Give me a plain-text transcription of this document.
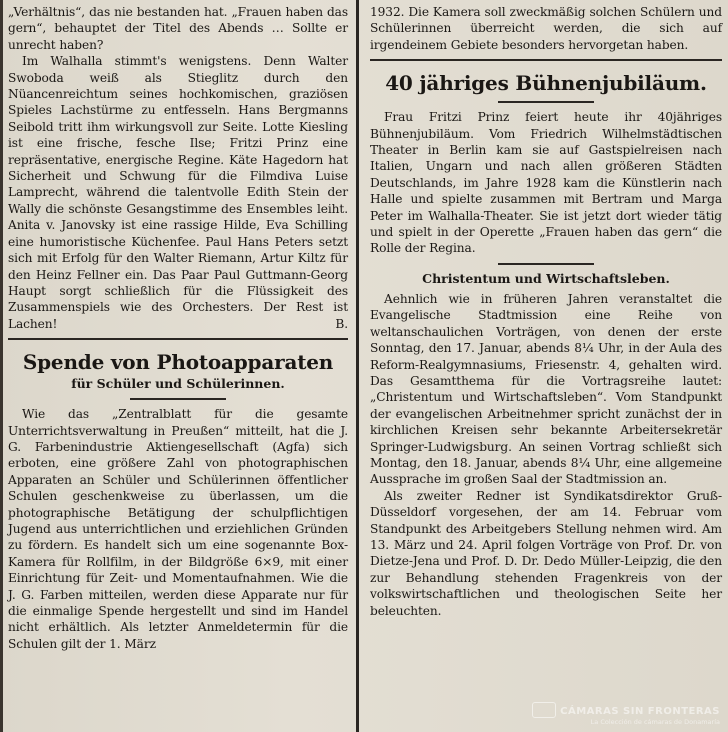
„Verhältnis“, das nie bestanden hat. „Frauen haben das gern“, behauptet der Titel des Abends … Sollte er unrecht haben?

Im Walhalla stimmt's wenigstens. Denn Walter Swoboda weiß als Stieglitz durch den Nüancenreichtum seines hochkomischen, graziösen Spieles Lachstürme zu entfesseln. Hans Bergmanns Seibold tritt ihm wirkungsvoll zur Seite. Lotte Kiesling ist eine frische, fesche Ilse; Fritzi Prinz eine repräsentative, energische Regine. Käte Hagedorn hat Sicherheit und Schwung für die Filmdiva Luise Lamprecht, während die talentvolle Edith Stein der Wally die schönste Gesangstimme des Ensembles leiht. Anita v. Janovsky ist eine rassige Hilde, Eva Schilling eine humoristische Küchenfee. Paul Hans Peters setzt sich mit Erfolg für den Walter Riemann, Artur Kiltz für den Heinz Fellner ein. Das Paar Paul Guttmann-Georg Haupt sorgt schließlich für die Flüssigkeit des Zusammenspiels wie des Orchesters. Der Rest ist Lachen!	B.

Spende von Photoapparaten
für Schüler und Schülerinnen.

Wie das „Zentralblatt für die gesamte Unterrichtsverwaltung in Preußen“ mitteilt, hat die J. G. Farbenindustrie Aktiengesellschaft (Agfa) sich erboten, eine größere Zahl von photographischen Apparaten an Schüler und Schülerinnen öffentlicher Schulen geschenkweise zu überlassen, um die photographische Betätigung der schulpflichtigen Jugend aus unterrichtlichen und erziehlichen Gründen zu fördern. Es handelt sich um eine sogenannte Box-Kamera für Rollfilm, in der Bildgröße 6×9, mit einer Einrichtung für Zeit- und Momentaufnahmen. Wie die J. G. Farben mitteilen, werden diese Apparate nur für die einmalige Spende hergestellt und sind im Handel nicht erhältlich. Als letzter Anmeldetermin für die Schulen gilt der 1. März

1932. Die Kamera soll zweckmäßig solchen Schülern und Schülerinnen überreicht werden, die sich auf irgendeinem Gebiete besonders hervorgetan haben.

40 jähriges Bühnenjubiläum.

Frau Fritzi Prinz feiert heute ihr 40jähriges Bühnenjubiläum. Vom Friedrich Wilhelmstädtischen Theater in Berlin kam sie auf Gastspielreisen nach Italien, Ungarn und nach allen größeren Städten Deutschlands, im Jahre 1928 kam die Künstlerin nach Halle und spielte zusammen mit Bertram und Marga Peter im Walhalla-Theater. Sie ist jetzt dort wieder tätig und spielt in der Operette „Frauen haben das gern“ die Rolle der Regina.

Christentum und Wirtschaftsleben.

Aehnlich wie in früheren Jahren veranstaltet die Evangelische Stadtmission eine Reihe von weltanschaulichen Vorträgen, von denen der erste Sonntag, den 17. Januar, abends 8¼ Uhr, in der Aula des Reform-Realgymnasiums, Friesenstr. 4, gehalten wird. Das Gesamtthema für die Vortragsreihe lautet: „Christentum und Wirtschaftsleben“. Vom Standpunkt der evangelischen Arbeitnehmer spricht zunächst der in kirchlichen Kreisen sehr bekannte Arbeitersekretär Springer-Ludwigsburg. An seinen Vortrag schließt sich Montag, den 18. Januar, abends 8¼ Uhr, eine allgemeine Aussprache im großen Saal der Stadtmission an.

Als zweiter Redner ist Syndikatsdirektor Gruß-Düsseldorf vorgesehen, der am 14. Februar vom Standpunkt des Arbeitgebers Stellung nehmen wird. Am 13. März und 24. April folgen Vorträge von Prof. Dr. von Dietze-Jena und Prof. D. Dr. Dedo Müller-Leipzig, die den zur Behandlung stehenden Fragenkreis von der volkswirtschaftlichen und theologischen Seite her beleuchten.

CÁMARAS SIN FRONTERAS
La Colección de cámaras de Donamaría
